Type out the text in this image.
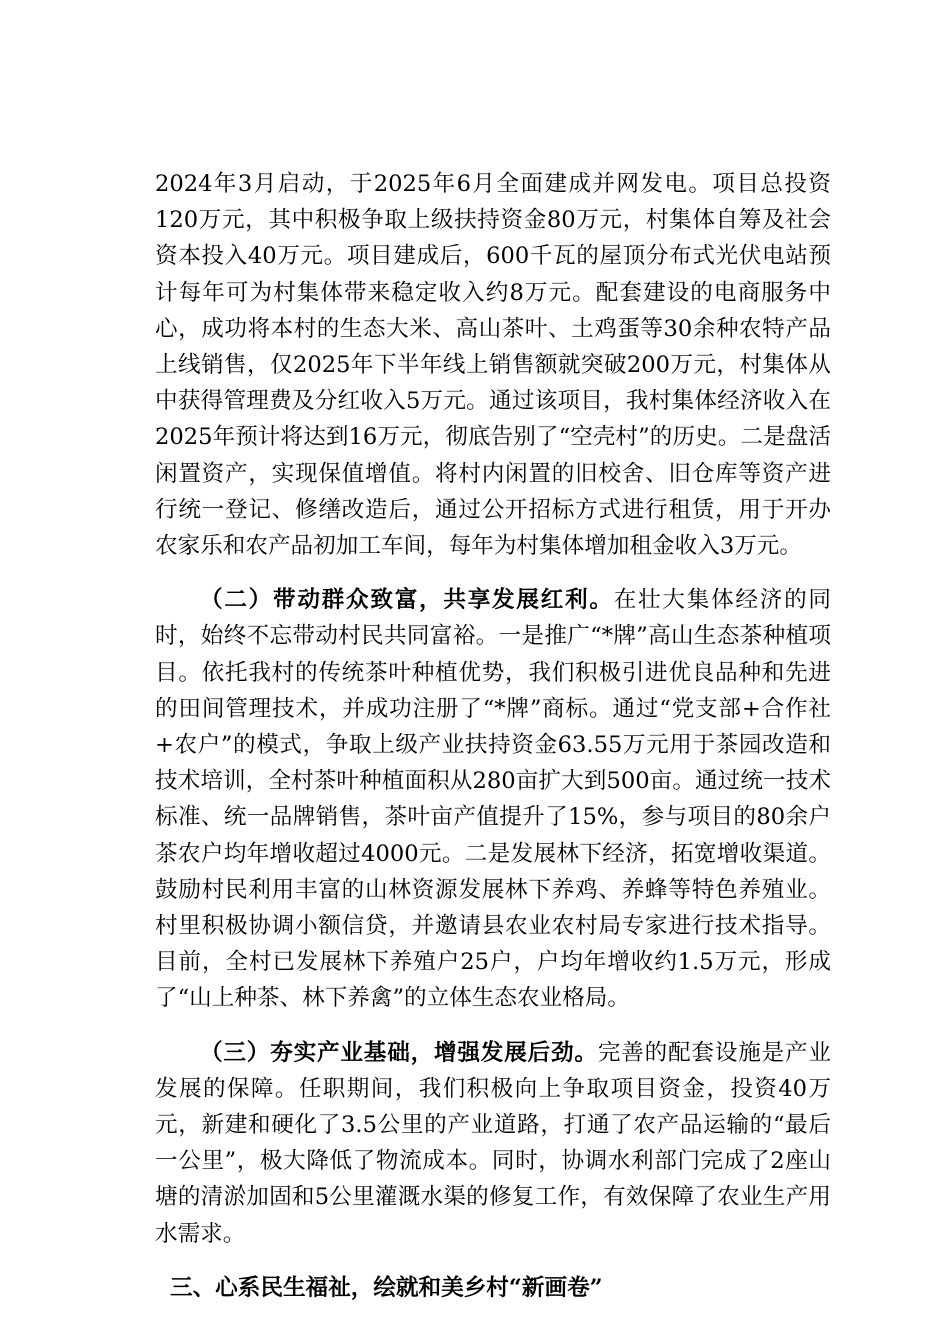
2024年3月启动，于2025年6月全面建成并网发电。项目总投资120万元，其中积极争取上级扶持资金80万元，村集体自筹及社会资本投入40万元。项目建成后，600千瓦的屋顶分布式光伏电站预计每年可为村集体带来稳定收入约8万元。配套建设的电商服务中心，成功将本村的生态大米、高山茶叶、土鸡蛋等30余种农特产品上线销售，仅2025年下半年线上销售额就突破200万元，村集体从中获得管理费及分红收入5万元。通过该项目，我村集体经济收入在2025年预计将达到16万元，彻底告别了“空壳村”的历史。二是盘活闲置资产，实现保值增值。将村内闲置的旧校舍、旧仓库等资产进行统一登记、修缮改造后，通过公开招标方式进行租赁，用于开办农家乐和农产品初加工车间，每年为村集体增加租金收入3万元。

（二）带动群众致富，共享发展红利。在壮大集体经济的同时，始终不忘带动村民共同富裕。一是推广“*牌”高山生态茶种植项目。依托我村的传统茶叶种植优势，我们积极引进优良品种和先进的田间管理技术，并成功注册了“*牌”商标。通过“党支部+合作社+农户”的模式，争取上级产业扶持资金63.55万元用于茶园改造和技术培训，全村茶叶种植面积从280亩扩大到500亩。通过统一技术标准、统一品牌销售，茶叶亩产值提升了15%，参与项目的80余户茶农户均年增收超过4000元。二是发展林下经济，拓宽增收渠道。鼓励村民利用丰富的山林资源发展林下养鸡、养蜂等特色养殖业。村里积极协调小额信贷，并邀请县农业农村局专家进行技术指导。目前，全村已发展林下养殖户25户，户均年增收约1.5万元，形成了“山上种茶、林下养禽”的立体生态农业格局。

（三）夯实产业基础，增强发展后劲。完善的配套设施是产业发展的保障。任职期间，我们积极向上争取项目资金，投资40万元，新建和硬化了3.5公里的产业道路，打通了农产品运输的“最后一公里”，极大降低了物流成本。同时，协调水利部门完成了2座山塘的清淤加固和5公里灌溉水渠的修复工作，有效保障了农业生产用水需求。

三、心系民生福祉，绘就和美乡村“新画卷”
